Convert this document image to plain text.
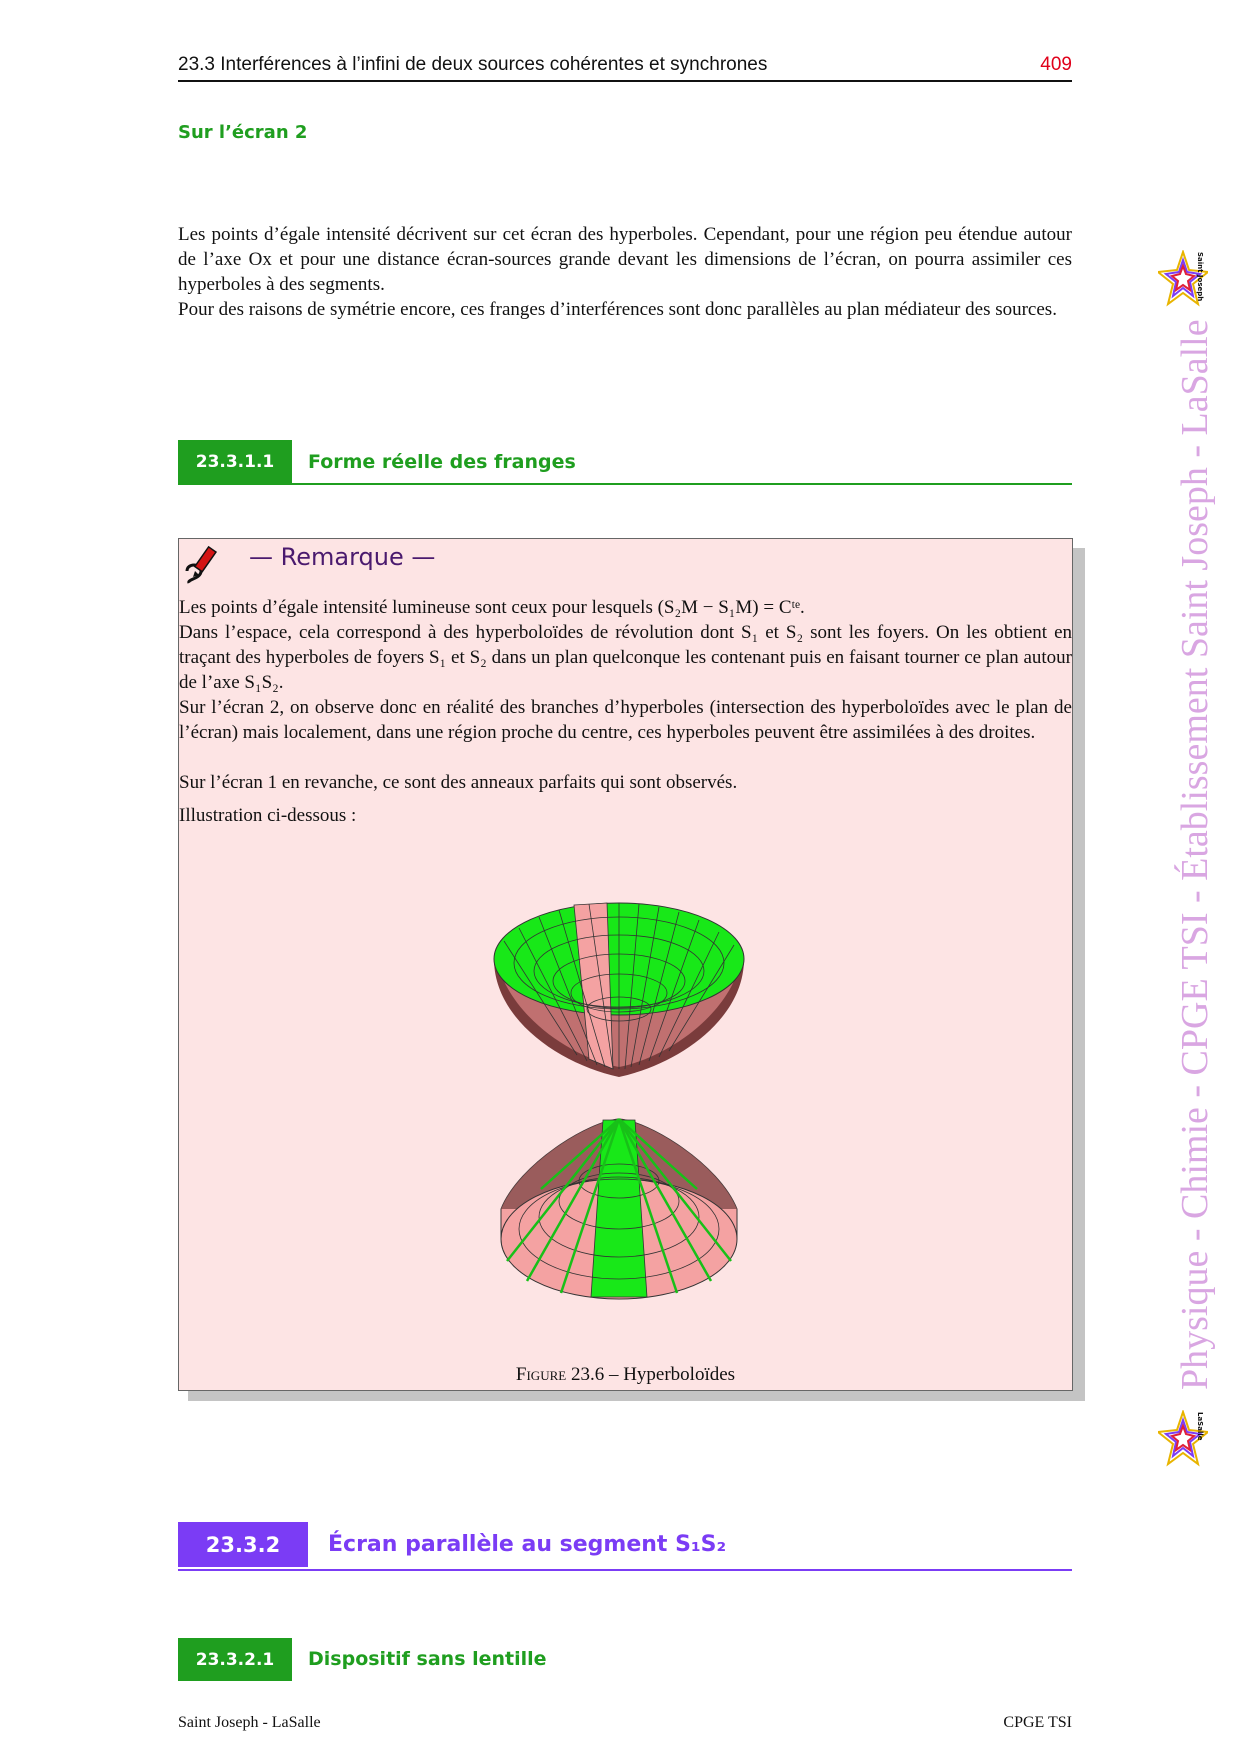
23.3 Interférences à l’infini de deux sources cohérentes et synchrones	409
Sur l’écran 2
Les points d’égale intensité décrivent sur cet écran des hyperboles. Cependant, pour une région peu étendue autour de l’axe Ox et pour une distance écran-sources grande devant les dimensions de l’écran, on pourra assimiler ces hyperboles à des segments.
Pour des raisons de symétrie encore, ces franges d’interférences sont donc parallèles au plan médiateur des sources.
23.3.1.1	Forme réelle des franges
— Remarque —
Les points d’égale intensité lumineuse sont ceux pour lesquels (S₂M − S₁M) = Cᵗᵉ.
Dans l’espace, cela correspond à des hyperboloïdes de révolution dont S₁ et S₂ sont les foyers. On les obtient en traçant des hyperboles de foyers S₁ et S₂ dans un plan quelconque les contenant puis en faisant tourner ce plan autour de l’axe S₁S₂.
Sur l’écran 2, on observe donc en réalité des branches d’hyperboles (intersection des hyperboloïdes avec le plan de l’écran) mais localement, dans une région proche du centre, ces hyperboles peuvent être assimilées à des droites.
Sur l’écran 1 en revanche, ce sont des anneaux parfaits qui sont observés.
Illustration ci-dessous :
Figure 23.6 – Hyperboloïdes
23.3.2	Écran parallèle au segment S₁S₂
23.3.2.1	Dispositif sans lentille
Saint Joseph
LaSalle
Physique - Chimie - CPGE TSI - Établissement Saint Joseph - LaSalle
Saint Joseph - LaSalle	CPGE TSI
